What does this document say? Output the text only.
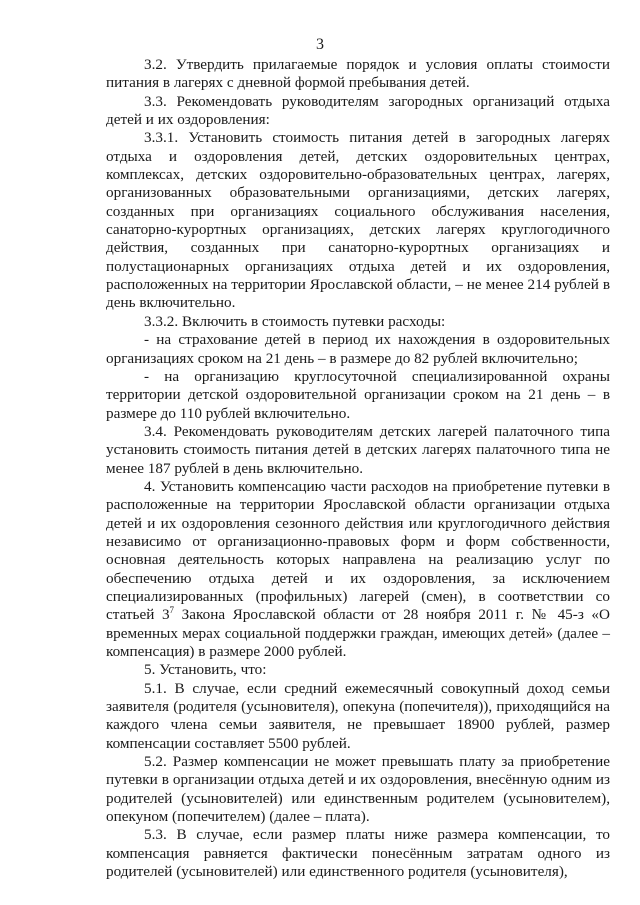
3

3.2. Утвердить прилагаемые порядок и условия оплаты стоимости питания в лагерях с дневной формой пребывания детей.

3.3. Рекомендовать руководителям загородных организаций отдыха детей и их оздоровления:

3.3.1. Установить стоимость питания детей в загородных лагерях отдыха и оздоровления детей, детских оздоровительных центрах, комплексах, детских оздоровительно-образовательных центрах, лагерях, организованных образовательными организациями, детских лагерях, созданных при организациях социального обслуживания населения, санаторно-курортных организациях, детских лагерях круглогодичного действия, созданных при санаторно-курортных организациях и полустационарных организациях отдыха детей и их оздоровления, расположенных на территории Ярославской области, – не менее 214 рублей в день включительно.

3.3.2. Включить в стоимость путевки расходы:

- на страхование детей в период их нахождения в оздоровительных организациях сроком на 21 день – в размере до 82 рублей включительно;

- на организацию круглосуточной специализированной охраны территории детской оздоровительной организации сроком на 21 день – в размере до 110 рублей включительно.

3.4. Рекомендовать руководителям детских лагерей палаточного типа установить стоимость питания детей в детских лагерях палаточного типа не менее 187 рублей в день включительно.

4. Установить компенсацию части расходов на приобретение путевки в расположенные на территории Ярославской области организации отдыха детей и их оздоровления сезонного действия или круглогодичного действия независимо от организационно-правовых форм и форм собственности, основная деятельность которых направлена на реализацию услуг по обеспечению отдыха детей и их оздоровления, за исключением специализированных (профильных) лагерей (смен), в соответствии со статьей $3^7$ Закона Ярославской области от 28 ноября 2011 г. № 45-з «О временных мерах социальной поддержки граждан, имеющих детей» (далее – компенсация) в размере 2000 рублей.

5. Установить, что:

5.1. В случае, если средний ежемесячный совокупный доход семьи заявителя (родителя (усыновителя), опекуна (попечителя)), приходящийся на каждого члена семьи заявителя, не превышает 18900 рублей, размер компенсации составляет 5500 рублей.

5.2. Размер компенсации не может превышать плату за приобретение путевки в организации отдыха детей и их оздоровления, внесённую одним из родителей (усыновителей) или единственным родителем (усыновителем), опекуном (попечителем) (далее – плата).

5.3. В случае, если размер платы ниже размера компенсации, то компенсация равняется фактически понесённым затратам одного из родителей (усыновителей) или единственного родителя (усыновителя),
